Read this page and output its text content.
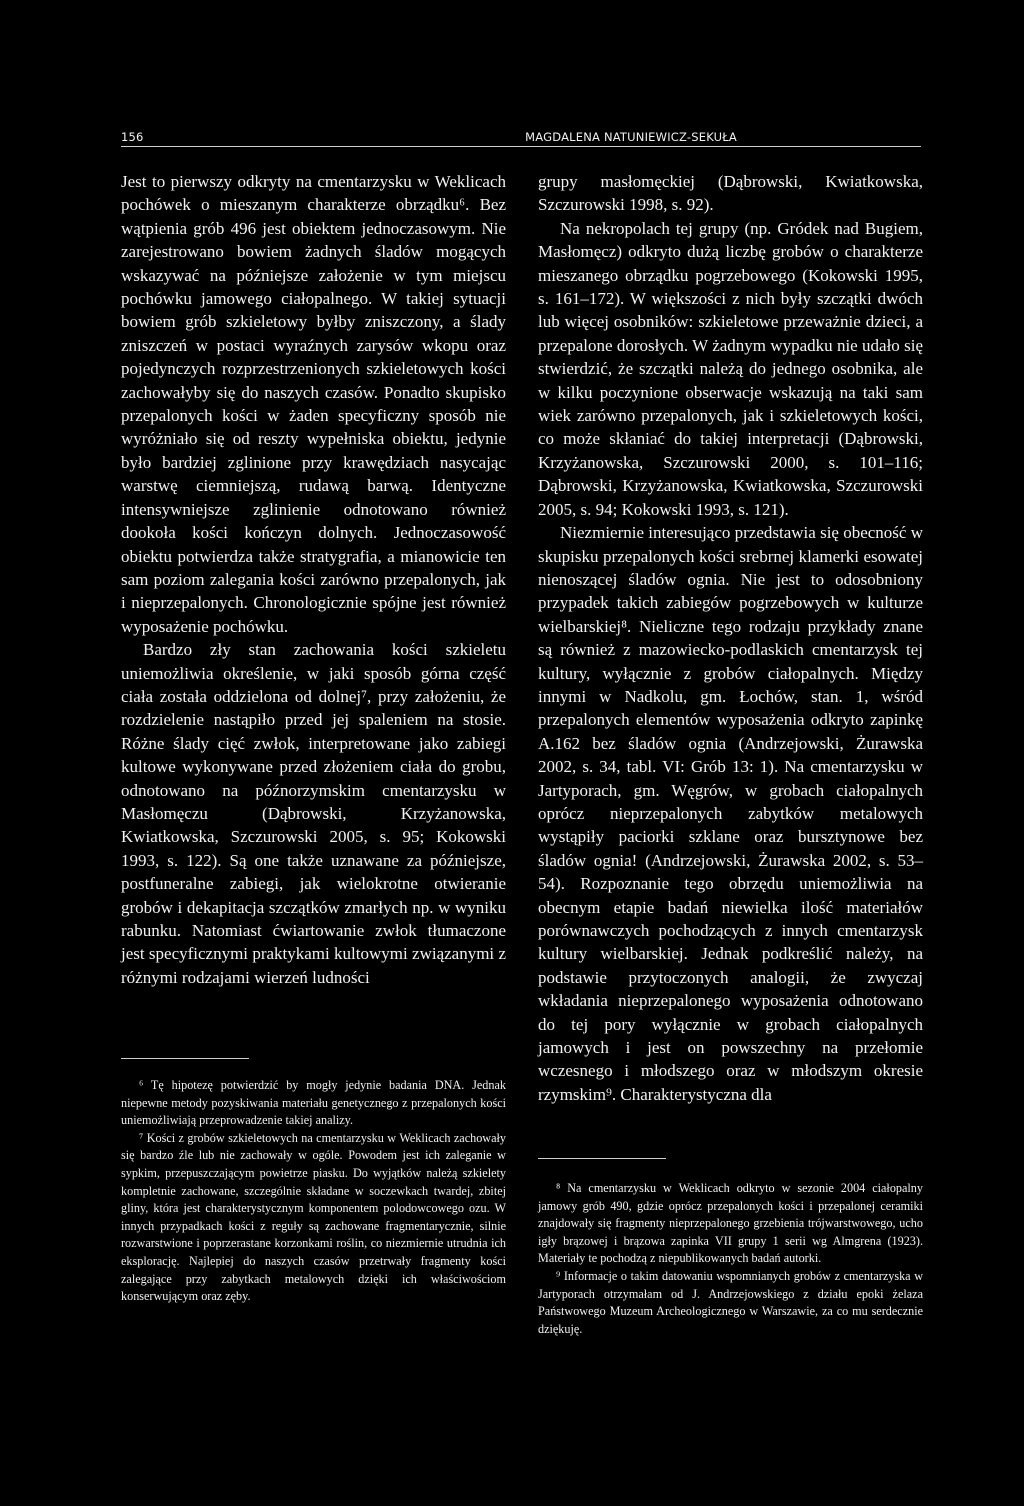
156	MAGDALENA NATUNIEWICZ-SEKUŁA

Jest to pierwszy odkryty na cmentarzysku w Weklicach pochówek o mieszanym charakterze obrządku⁶. Bez wątpienia grób 496 jest obiektem jednoczasowym. Nie zarejestrowano bowiem żadnych śladów mogących wskazywać na późniejsze założenie w tym miejscu pochówku jamowego ciałopalnego. W takiej sytuacji bowiem grób szkieletowy byłby zniszczony, a ślady zniszczeń w postaci wyraźnych zarysów wkopu oraz pojedynczych rozprzestrzenionych szkieletowych kości zachowałyby się do naszych czasów. Ponadto skupisko przepalonych kości w żaden specyficzny sposób nie wyróżniało się od reszty wypełniska obiektu, jedynie było bardziej zglinione przy krawędziach nasycając warstwę ciemniejszą, rudawą barwą. Identyczne intensywniejsze zglinienie odnotowano również dookoła kości kończyn dolnych. Jednoczasowość obiektu potwierdza także stratygrafia, a mianowicie ten sam poziom zalegania kości zarówno przepalonych, jak i nieprzepalonych. Chronologicznie spójne jest również wyposażenie pochówku.

Bardzo zły stan zachowania kości szkieletu uniemożliwia określenie, w jaki sposób górna część ciała została oddzielona od dolnej⁷, przy założeniu, że rozdzielenie nastąpiło przed jej spaleniem na stosie. Różne ślady cięć zwłok, interpretowane jako zabiegi kultowe wykonywane przed złożeniem ciała do grobu, odnotowano na późnorzymskim cmentarzysku w Masłomęczu (Dąbrowski, Krzyżanowska, Kwiatkowska, Szczurowski 2005, s. 95; Kokowski 1993, s. 122). Są one także uznawane za późniejsze, postfuneralne zabiegi, jak wielokrotne otwieranie grobów i dekapitacja szczątków zmarłych np. w wyniku rabunku. Natomiast ćwiartowanie zwłok tłumaczone jest specyficznymi praktykami kultowymi związanymi z różnymi rodzajami wierzeń ludności

grupy masłomęckiej (Dąbrowski, Kwiatkowska, Szczurowski 1998, s. 92).

Na nekropolach tej grupy (np. Gródek nad Bugiem, Masłomęcz) odkryto dużą liczbę grobów o charakterze mieszanego obrządku pogrzebowego (Kokowski 1995, s. 161–172). W większości z nich były szczątki dwóch lub więcej osobników: szkieletowe przeważnie dzieci, a przepalone dorosłych. W żadnym wypadku nie udało się stwierdzić, że szczątki należą do jednego osobnika, ale w kilku poczynione obserwacje wskazują na taki sam wiek zarówno przepalonych, jak i szkieletowych kości, co może skłaniać do takiej interpretacji (Dąbrowski, Krzyżanowska, Szczurowski 2000, s. 101–116; Dąbrowski, Krzyżanowska, Kwiatkowska, Szczurowski 2005, s. 94; Kokowski 1993, s. 121).

Niezmiernie interesująco przedstawia się obecność w skupisku przepalonych kości srebrnej klamerki esowatej nienoszącej śladów ognia. Nie jest to odosobniony przypadek takich zabiegów pogrzebowych w kulturze wielbarskiej⁸. Nieliczne tego rodzaju przykłady znane są również z mazowiecko-podlaskich cmentarzysk tej kultury, wyłącznie z grobów ciałopalnych. Między innymi w Nadkolu, gm. Łochów, stan. 1, wśród przepalonych elementów wyposażenia odkryto zapinkę A.162 bez śladów ognia (Andrzejowski, Żurawska 2002, s. 34, tabl. VI: Grób 13: 1). Na cmentarzysku w Jartyporach, gm. Węgrów, w grobach ciałopalnych oprócz nieprzepalonych zabytków metalowych wystąpiły paciorki szklane oraz bursztynowe bez śladów ognia! (Andrzejowski, Żurawska 2002, s. 53–54). Rozpoznanie tego obrzędu uniemożliwia na obecnym etapie badań niewielka ilość materiałów porównawczych pochodzących z innych cmentarzysk kultury wielbarskiej. Jednak podkreślić należy, na podstawie przytoczonych analogii, że zwyczaj wkładania nieprzepalonego wyposażenia odnotowano do tej pory wyłącznie w grobach ciałopalnych jamowych i jest on powszechny na przełomie wczesnego i młodszego oraz w młodszym okresie rzymskim⁹. Charakterystyczna dla

⁶ Tę hipotezę potwierdzić by mogły jedynie badania DNA. Jednak niepewne metody pozyskiwania materiału genetycznego z przepalonych kości uniemożliwiają przeprowadzenie takiej analizy.

⁷ Kości z grobów szkieletowych na cmentarzysku w Weklicach zachowały się bardzo źle lub nie zachowały w ogóle. Powodem jest ich zaleganie w sypkim, przepuszczającym powietrze piasku. Do wyjątków należą szkielety kompletnie zachowane, szczególnie składane w soczewkach twardej, zbitej gliny, która jest charakterystycznym komponentem polodowcowego ozu. W innych przypadkach kości z reguły są zachowane fragmentarycznie, silnie rozwarstwione i poprzerastane korzonkami roślin, co niezmiernie utrudnia ich eksplorację. Najlepiej do naszych czasów przetrwały fragmenty kości zalegające przy zabytkach metalowych dzięki ich właściwościom konserwującym oraz zęby.

⁸ Na cmentarzysku w Weklicach odkryto w sezonie 2004 ciałopalny jamowy grób 490, gdzie oprócz przepalonych kości i przepalonej ceramiki znajdowały się fragmenty nieprzepalonego grzebienia trójwarstwowego, ucho igły brązowej i brązowa zapinka VII grupy 1 serii wg Almgrena (1923). Materiały te pochodzą z niepublikowanych badań autorki.

⁹ Informacje o takim datowaniu wspomnianych grobów z cmentarzyska w Jartyporach otrzymałam od J. Andrzejowskiego z działu epoki żelaza Państwowego Muzeum Archeologicznego w Warszawie, za co mu serdecznie dziękuję.
